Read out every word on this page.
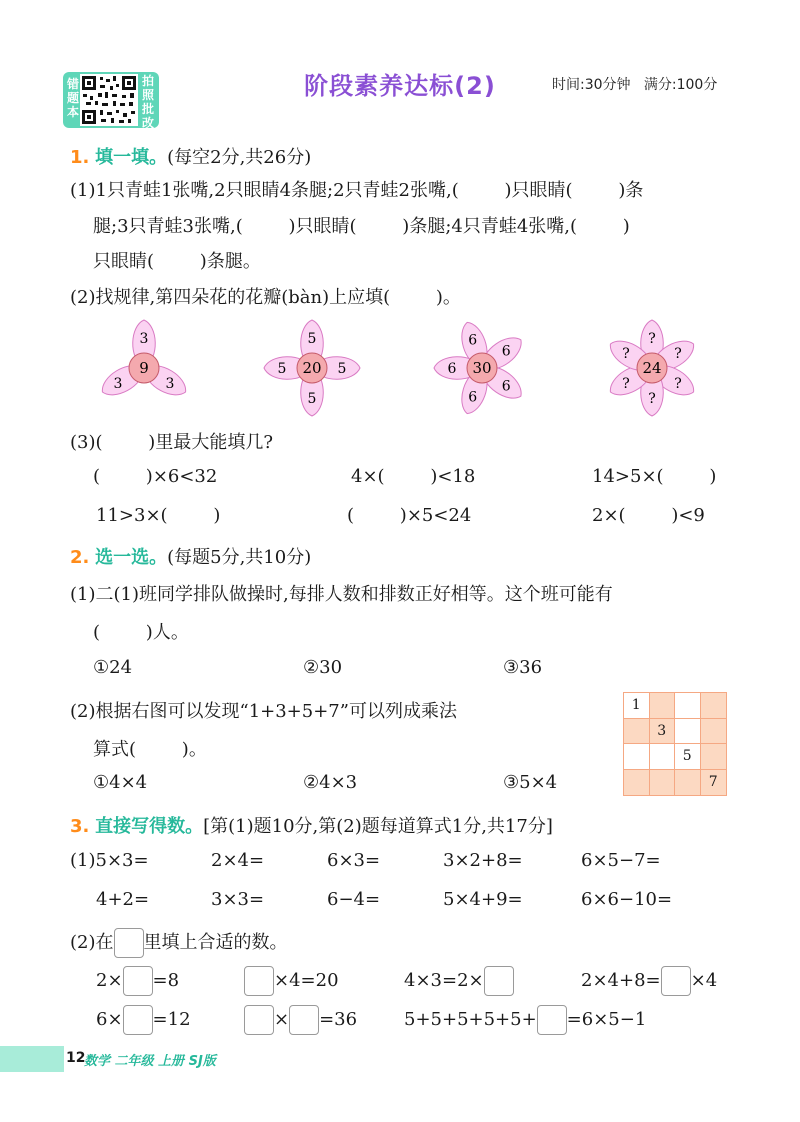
错
题
本
拍
照
批
改
阶段素养达标(2)	时间:30分钟   满分:100分
1. 填一填。(每空2分,共26分)
(1)1只青蛙1张嘴,2只眼睛4条腿;2只青蛙2张嘴,(        )只眼睛(        )条
腿;3只青蛙3张嘴,(        )只眼睛(        )条腿;4只青蛙4张嘴,(        )
只眼睛(        )条腿。
(2)找规律,第四朵花的花瓣(bàn)上应填(        )。
3
3
3
9
5
5
5
5 20
6
6
6
6
6 30
?
?
?
?
?
?
24
(3)(        )里最大能填几?
(        )×6<32	4×(        )<18	14>5×(        )
11>3×(        )	(        )×5<24	2×(        )<9
2. 选一选。(每题5分,共10分)
(1)二(1)班同学排队做操时,每排人数和排数正好相等。这个班可能有
(        )人。
①24	②30	③36
(2)根据右图可以发现“1+3+5+7”可以列成乘法
算式(        )。
①4×4	②4×3	③5×4
1
3
5
7
3. 直接写得数。[第(1)题10分,第(2)题每道算式1分,共17分]
(1)5×3=	2×4=	6×3=	3×2+8=	6×5−7=
4+2=	3×3=	6−4=	5×4+9=	6×6−10=
(2)在 里填上合适的数。
2× =8	×4=20	4×3=2×	2×4+8= ×4
6× =12	× =36	5+5+5+5+5+ =6×5−1
12
数学 二年级 上册 SJ版
